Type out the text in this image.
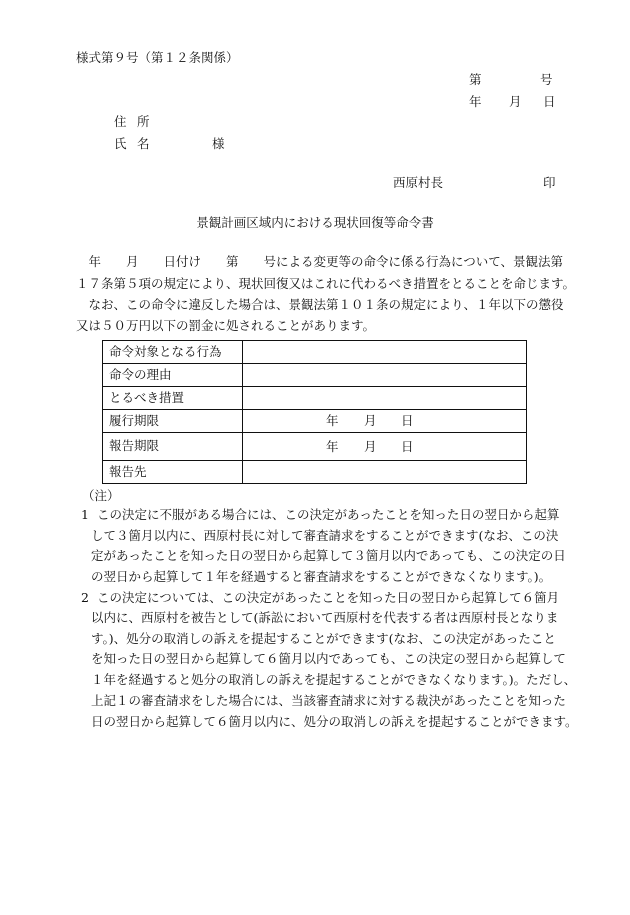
様式第９号（第１２条関係）
第	号
年 月 日
住 所
氏 名	様
西原村長	印
景観計画区域内における現状回復等命令書
　年　　月　　日付け　　第　　号による変更等の命令に係る行為について、景観法第
１７条第５項の規定により、現状回復又はこれに代わるべき措置をとることを命じます。
　なお、この命令に違反した場合は、景観法第１０１条の規定により、１年以下の懲役
又は５０万円以下の罰金に処されることがあります。
命令対象となる行為	
命令の理由	
とるべき措置	
履行期限	年 月 日

報告期限	年 月 日

報告先	
（注）
1 この決定に不服がある場合には、この決定があったことを知った日の翌日から起算
して３箇月以内に、西原村長に対して審査請求をすることができます(なお、この決
定があったことを知った日の翌日から起算して３箇月以内であっても、この決定の日
の翌日から起算して１年を経過すると審査請求をすることができなくなります。)。
2 この決定については、この決定があったことを知った日の翌日から起算して６箇月
以内に、西原村を被告として(訴訟において西原村を代表する者は西原村長となりま
す。)、処分の取消しの訴えを提起することができます(なお、この決定があったこと
を知った日の翌日から起算して６箇月以内であっても、この決定の翌日から起算して
１年を経過すると処分の取消しの訴えを提起することができなくなります。)。ただし、
上記１の審査請求をした場合には、当該審査請求に対する裁決があったことを知った
日の翌日から起算して６箇月以内に、処分の取消しの訴えを提起することができます。
